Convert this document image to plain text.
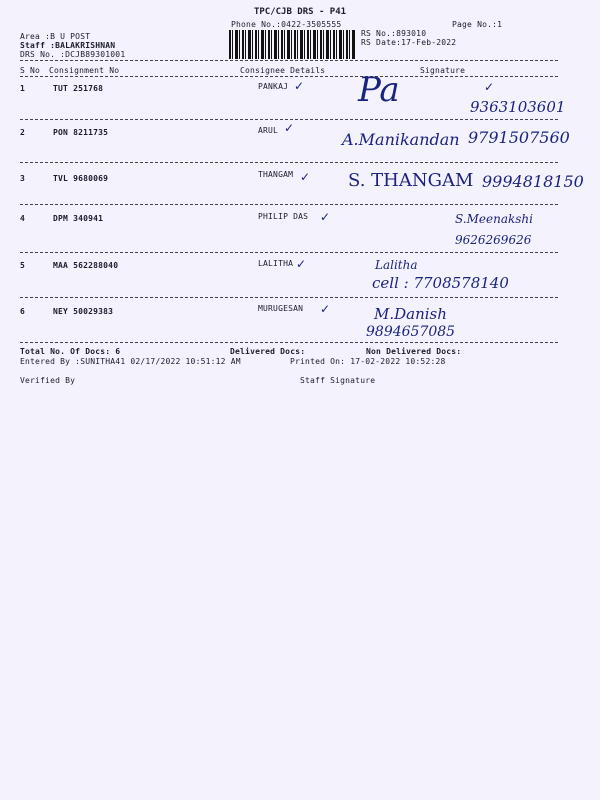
TPC/CJB DRS - P41
Phone No.:0422-3505555	Page No.:1
Area :B U POST
Staff :BALAKRISHNAN
DRS No. :DCJB89301001
RS No.:893010
RS Date:17-Feb-2022
S No Consignment No	Consignee Details	Signature
1	TUT 251768	PANKAJ ✓	✓
Pa	9363103601
2	PON 8211735	ARUL ✓
A.Manikandan 9791507560
3	TVL 9680069	THANGAM ✓ S. THANGAM 9994818150
4	DPM 340941	PHILIP DAS ✓	S.Meenakshi
9626269626
5	MAA 562288040	LALITHA ✓	Lalitha
cell : 7708578140
6	NEY 50029383	MURUGESAN ✓	M.Danish
9894657085
Total No. Of Docs: 6	Delivered Docs:	Non Delivered Docs:
Entered By :SUNITHA41 02/17/2022 10:51:12 AM	Printed On: 17-02-2022 10:52:28
Verified By	Staff Signature
